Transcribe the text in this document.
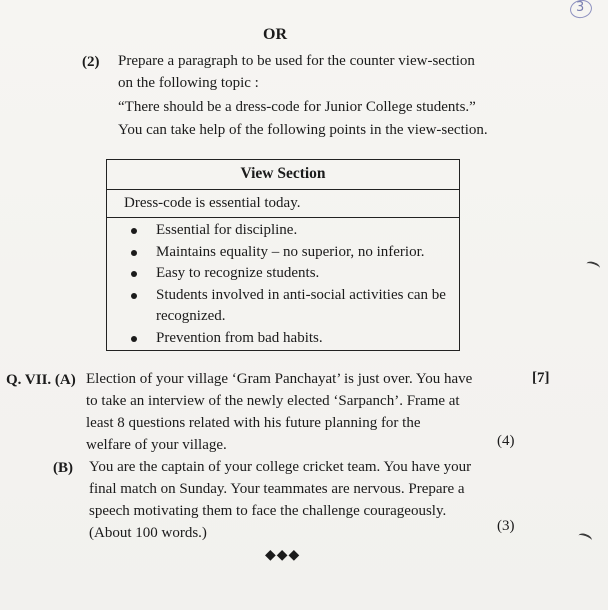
3
OR
(2) Prepare a paragraph to be used for the counter view-section
on the following topic :
“There should be a dress-code for Junior College students.”
You can take help of the following points in the view-section.
View Section
Dress-code is essential today.
Essential for discipline.
Maintains equality – no superior, no inferior.
Easy to recognize students.
Students involved in anti-social activities can be
recognized.
Prevention from bad habits.
Q. VII. (A) Election of your village ‘Gram Panchayat’ is just over. You have
to take an interview of the newly elected ‘Sarpanch’. Frame at
least 8 questions related with his future planning for the
welfare of your village.
[7]
(4)
(B) You are the captain of your college cricket team. You have your
final match on Sunday. Your teammates are nervous. Prepare a
speech motivating them to face the challenge courageously.
(About 100 words.)	(3)
◆◆◆
